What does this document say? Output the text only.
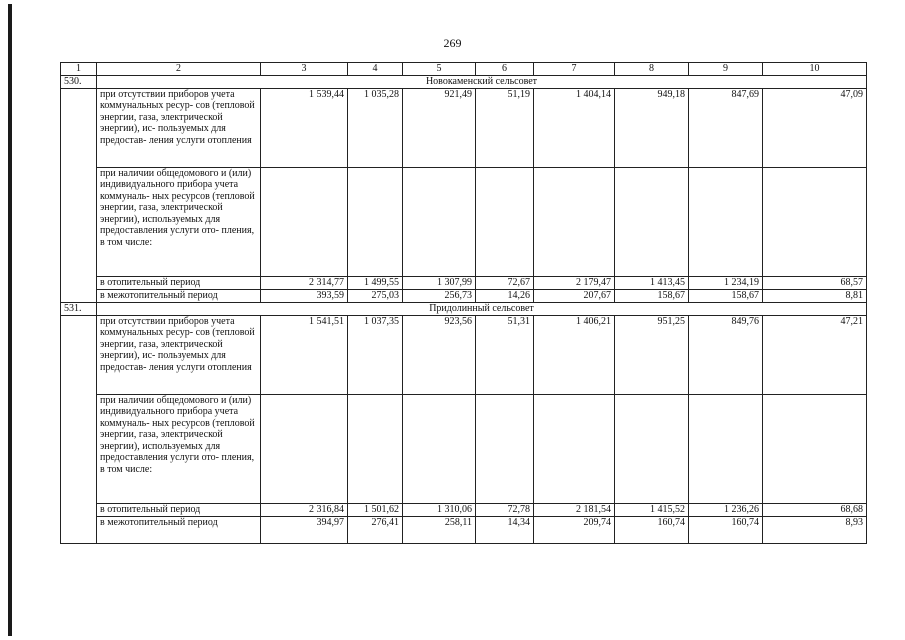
269
1	2	3	4	5	6	7	8	9	10
530.	Новокаменский сельсовет								
	при отсутствии приборов учета коммунальных ресур- сов (тепловой энергии, газа, электрической энергии), ис- пользуемых для предостав- ления услуги отопления	1 539,44	1 035,28	921,49	51,19	1 404,14	949,18	847,69	47,09
	при наличии общедомового и (или) индивидуального прибора учета коммуналь- ных ресурсов (тепловой энергии, газа, электрической энергии), используемых для предоставления услуги ото- пления, в том числе:								
	в отопительный период	2 314,77	1 499,55	1 307,99	72,67	2 179,47	1 413,45	1 234,19	68,57
	в межотопительный период	393,59	275,03	256,73	14,26	207,67	158,67	158,67	8,81
531.	Придолинный сельсовет								
	при отсутствии приборов учета коммунальных ресур- сов (тепловой энергии, газа, электрической энергии), ис- пользуемых для предостав- ления услуги отопления	1 541,51	1 037,35	923,56	51,31	1 406,21	951,25	849,76	47,21
	при наличии общедомового и (или) индивидуального прибора учета коммуналь- ных ресурсов (тепловой энергии, газа, электрической энергии), используемых для предоставления услуги ото- пления, в том числе:								
	в отопительный период	2 316,84	1 501,62	1 310,06	72,78	2 181,54	1 415,52	1 236,26	68,68
	в межотопительный период	394,97	276,41	258,11	14,34	209,74	160,74	160,74	8,93
